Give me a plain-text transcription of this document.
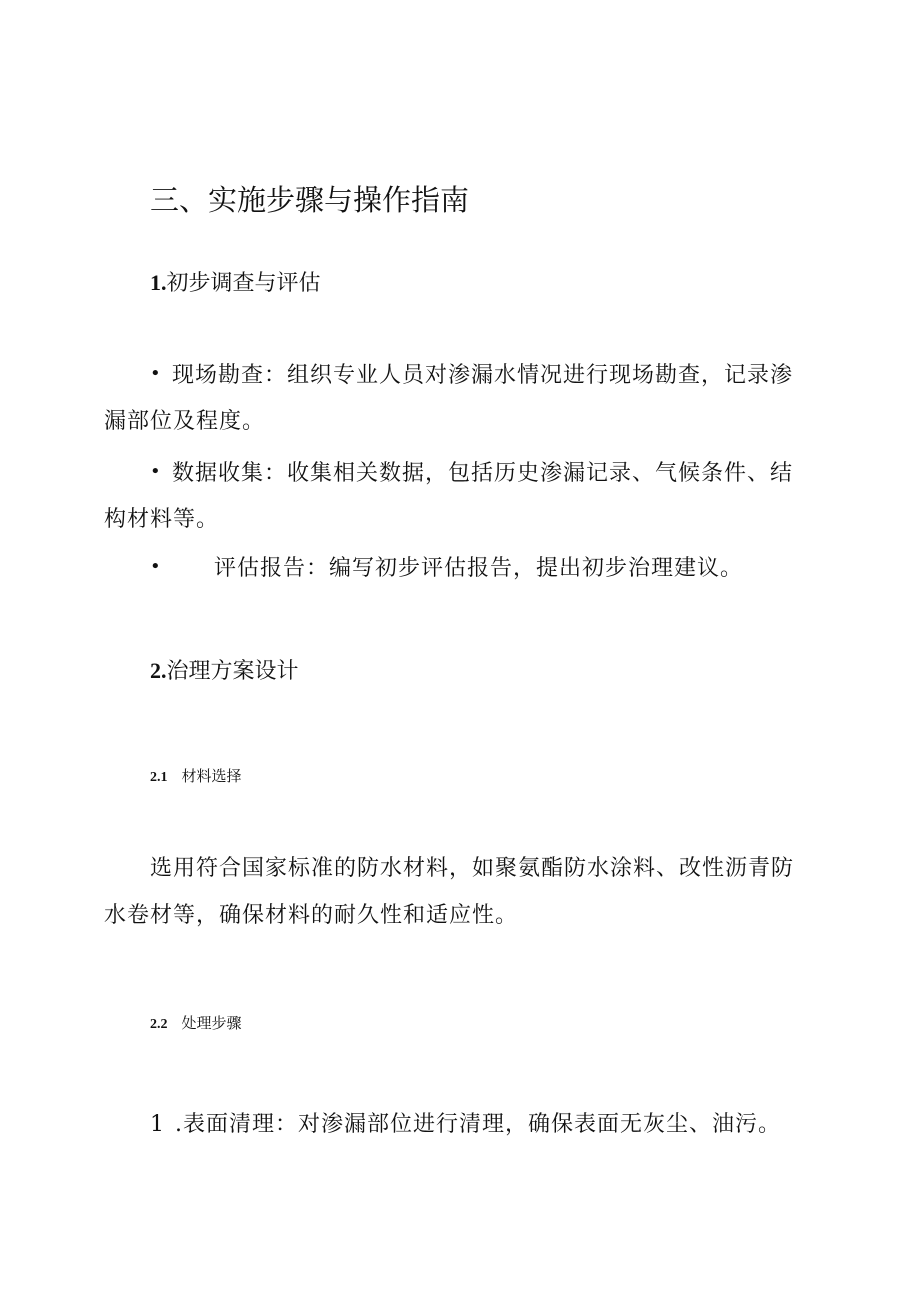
三、实施步骤与操作指南
1.初步调查与评估
• 现场勘查：组织专业人员对渗漏水情况进行现场勘查，记录渗
漏部位及程度。
• 数据收集：收集相关数据，包括历史渗漏记录、气候条件、结
构材料等。
• 评估报告：编写初步评估报告，提出初步治理建议。
2.治理方案设计
2.1 材料选择
选用符合国家标准的防水材料，如聚氨酯防水涂料、改性沥青防
水卷材等，确保材料的耐久性和适应性。
2.2 处理步骤
1 .表面清理：对渗漏部位进行清理，确保表面无灰尘、油污。
